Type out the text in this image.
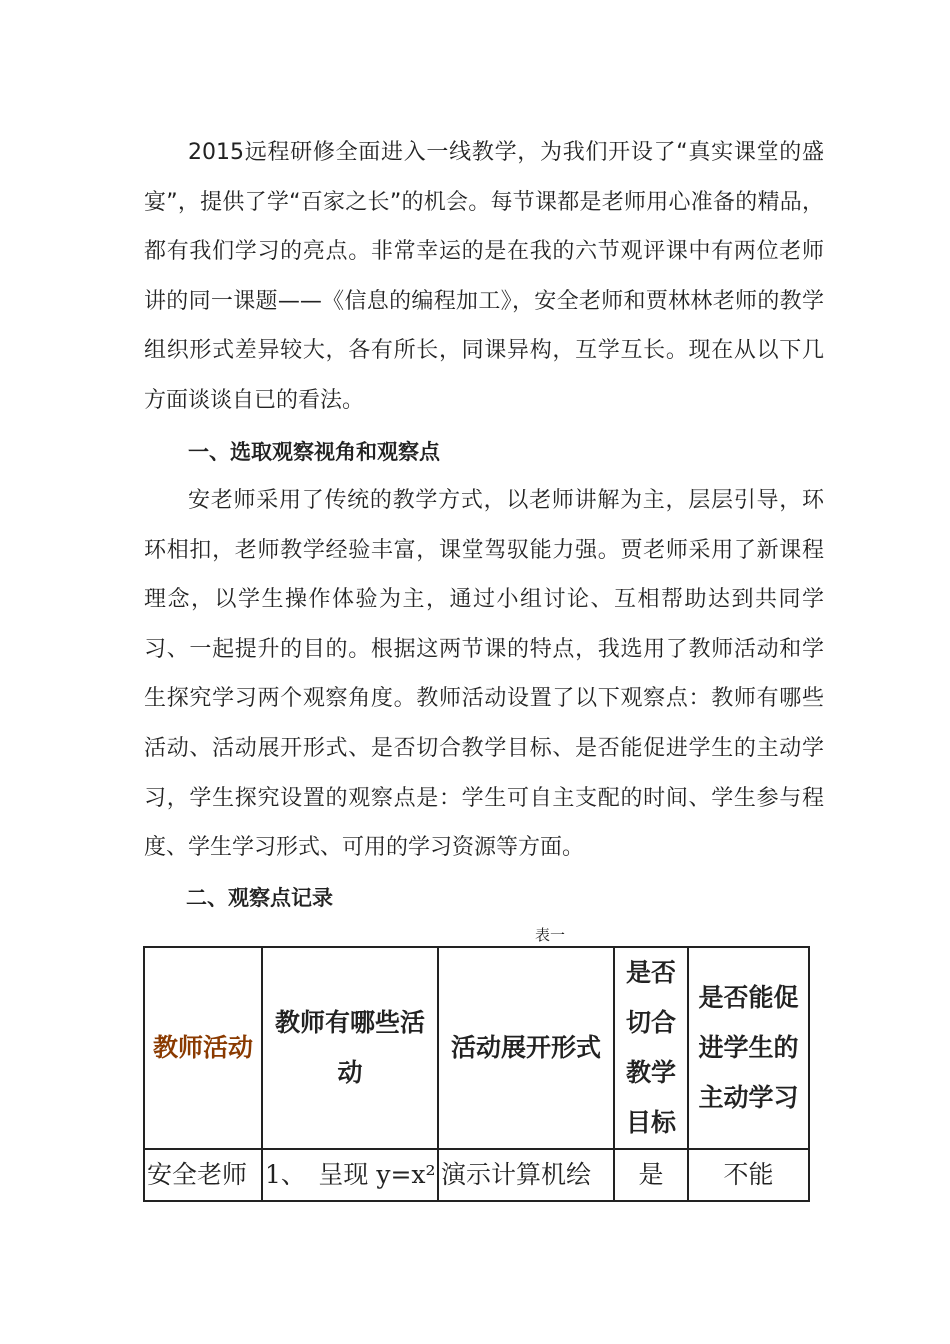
2015远程研修全面进入一线教学，为我们开设了“真实课堂的盛宴”，提供了学“百家之长”的机会。每节课都是老师用心准备的精品，都有我们学习的亮点。非常幸运的是在我的六节观评课中有两位老师讲的同一课题——《信息的编程加工》，安全老师和贾林林老师的教学组织形式差异较大，各有所长，同课异构，互学互长。现在从以下几方面谈谈自已的看法。

一、选取观察视角和观察点

安老师采用了传统的教学方式，以老师讲解为主，层层引导，环环相扣，老师教学经验丰富，课堂驾驭能力强。贾老师采用了新课程理念，以学生操作体验为主，通过小组讨论、互相帮助达到共同学习、一起提升的目的。根据这两节课的特点，我选用了教师活动和学生探究学习两个观察角度。教师活动设置了以下观察点：教师有哪些活动、活动展开形式、是否切合教学目标、是否能促进学生的主动学习，学生探究设置的观察点是：学生可自主支配的时间、学生参与程度、学生学习形式、可用的学习资源等方面。

二、观察点记录
表一
教师活动	教师有哪些活动	活动展开形式	是否切合教学目标	是否能促进学生的主动学习
安全老师	1、　呈现 y=x²	演示计算机绘	是	不能
